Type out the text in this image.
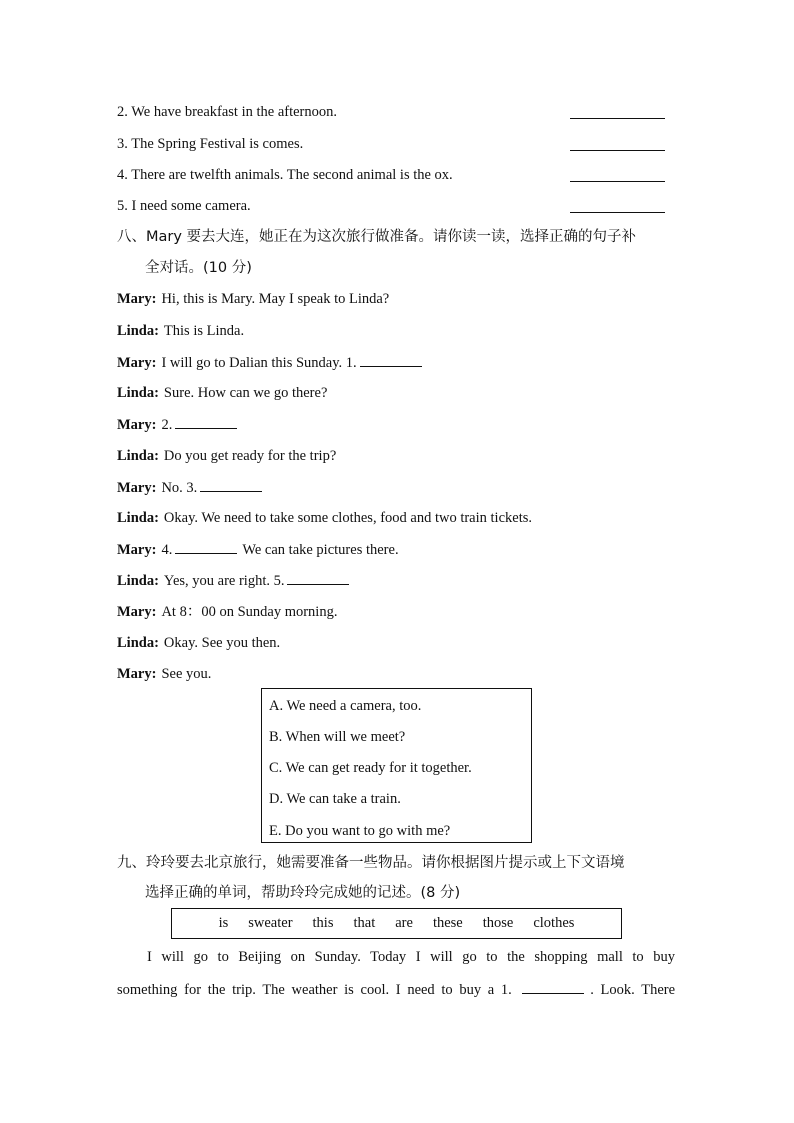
2. We have breakfast in the afternoon.
3. The Spring Festival is comes.
4. There are twelfth animals. The second animal is the ox.
5. I need some camera.
八、Mary 要去大连，她正在为这次旅行做准备。请你读一读，选择正确的句子补
全对话。(10 分)
Mary: Hi, this is Mary. May I speak to Linda?
Linda: This is Linda.
Mary: I will go to Dalian this Sunday. 1.
Linda: Sure. How can we go there?
Mary: 2.
Linda: Do you get ready for the trip?
Mary: No. 3.
Linda: Okay. We need to take some clothes, food and two train tickets.
Mary: 4.	We can take pictures there.
Linda: Yes, you are right. 5.
Mary: At 8：00 on Sunday morning.
Linda: Okay. See you then.
Mary: See you.
A. We need a camera, too.
B. When will we meet?
C. We can get ready for it together.
D. We can take a train.
E. Do you want to go with me?
九、玲玲要去北京旅行，她需要准备一些物品。请你根据图片提示或上下文语境
选择正确的单词，帮助玲玲完成她的记述。(8 分)
is sweater this that are these those clothes
I will go to Beijing on Sunday. Today I will go to the shopping mall to buy
something for the trip. The weather is cool. I need to buy a 1.	. Look. There
